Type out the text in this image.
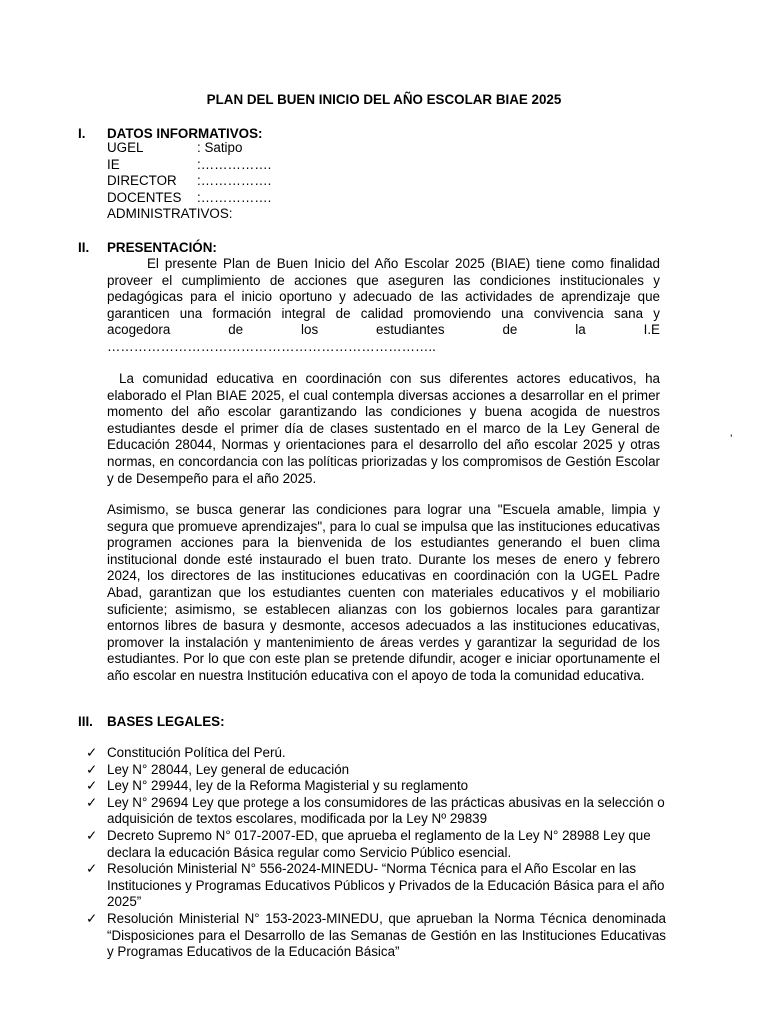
PLAN DEL BUEN INICIO DEL AÑO ESCOLAR BIAE 2025
I. DATOS INFORMATIVOS:
UGEL	: Satipo
IE	:…………….
DIRECTOR :…………….
DOCENTES :…………….
ADMINISTRATIVOS:
II. PRESENTACIÓN:

El presente Plan de Buen Inicio del Año Escolar 2025 (BIAE) tiene como finalidad proveer el cumplimiento de acciones que aseguren las condiciones institucionales y pedagógicas para el inicio oportuno y adecuado de las actividades de aprendizaje que garanticen una formación integral de calidad promoviendo una convivencia sana y acogedora de los estudiantes de la I.E ………………………………………………………………..

La comunidad educativa en coordinación con sus diferentes actores educativos, ha elaborado el Plan BIAE 2025, el cual contempla diversas acciones a desarrollar en el primer momento del año escolar garantizando las condiciones y buena acogida de nuestros estudiantes desde el primer día de clases sustentado en el marco de la Ley General de Educación 28044, Normas y orientaciones para el desarrollo del año escolar 2025 y otras normas, en concordancia con las políticas priorizadas y los compromisos de Gestión Escolar y de Desempeño para el año 2025.

Asimismo, se busca generar las condiciones para lograr una "Escuela amable, limpia y segura que promueve aprendizajes", para lo cual se impulsa que las instituciones educativas programen acciones para la bienvenida de los estudiantes generando el buen clima institucional donde esté instaurado el buen trato. Durante los meses de enero y febrero 2024, los directores de las instituciones educativas en coordinación con la UGEL Padre Abad, garantizan que los estudiantes cuenten con materiales educativos y el mobiliario suficiente; asimismo, se establecen alianzas con los gobiernos locales para garantizar entornos libres de basura y desmonte, accesos adecuados a las instituciones educativas, promover la instalación y mantenimiento de áreas verdes y garantizar la seguridad de los estudiantes. Por lo que con este plan se pretende difundir, acoger e iniciar oportunamente el año escolar en nuestra Institución educativa con el apoyo de toda la comunidad educativa.

III. BASES LEGALES:
✓ Constitución Política del Perú.
✓ Ley N° 28044, Ley general de educación
✓ Ley N° 29944, ley de la Reforma Magisterial y su reglamento
✓ Ley N° 29694 Ley que protege a los consumidores de las prácticas abusivas en la selección o adquisición de textos escolares, modificada por la Ley Nº 29839
✓ Decreto Supremo N° 017-2007-ED, que aprueba el reglamento de la Ley N° 28988 Ley que declara la educación Básica regular como Servicio Público esencial.
✓ Resolución Ministerial N° 556-2024-MINEDU- “Norma Técnica para el Año Escolar en las Instituciones y Programas Educativos Públicos y Privados de la Educación Básica para el año 2025”
✓ Resolución Ministerial N° 153-2023-MINEDU, que aprueban la Norma Técnica denominada “Disposiciones para el Desarrollo de las Semanas de Gestión en las Instituciones Educativas y Programas Educativos de la Educación Básica”
’
